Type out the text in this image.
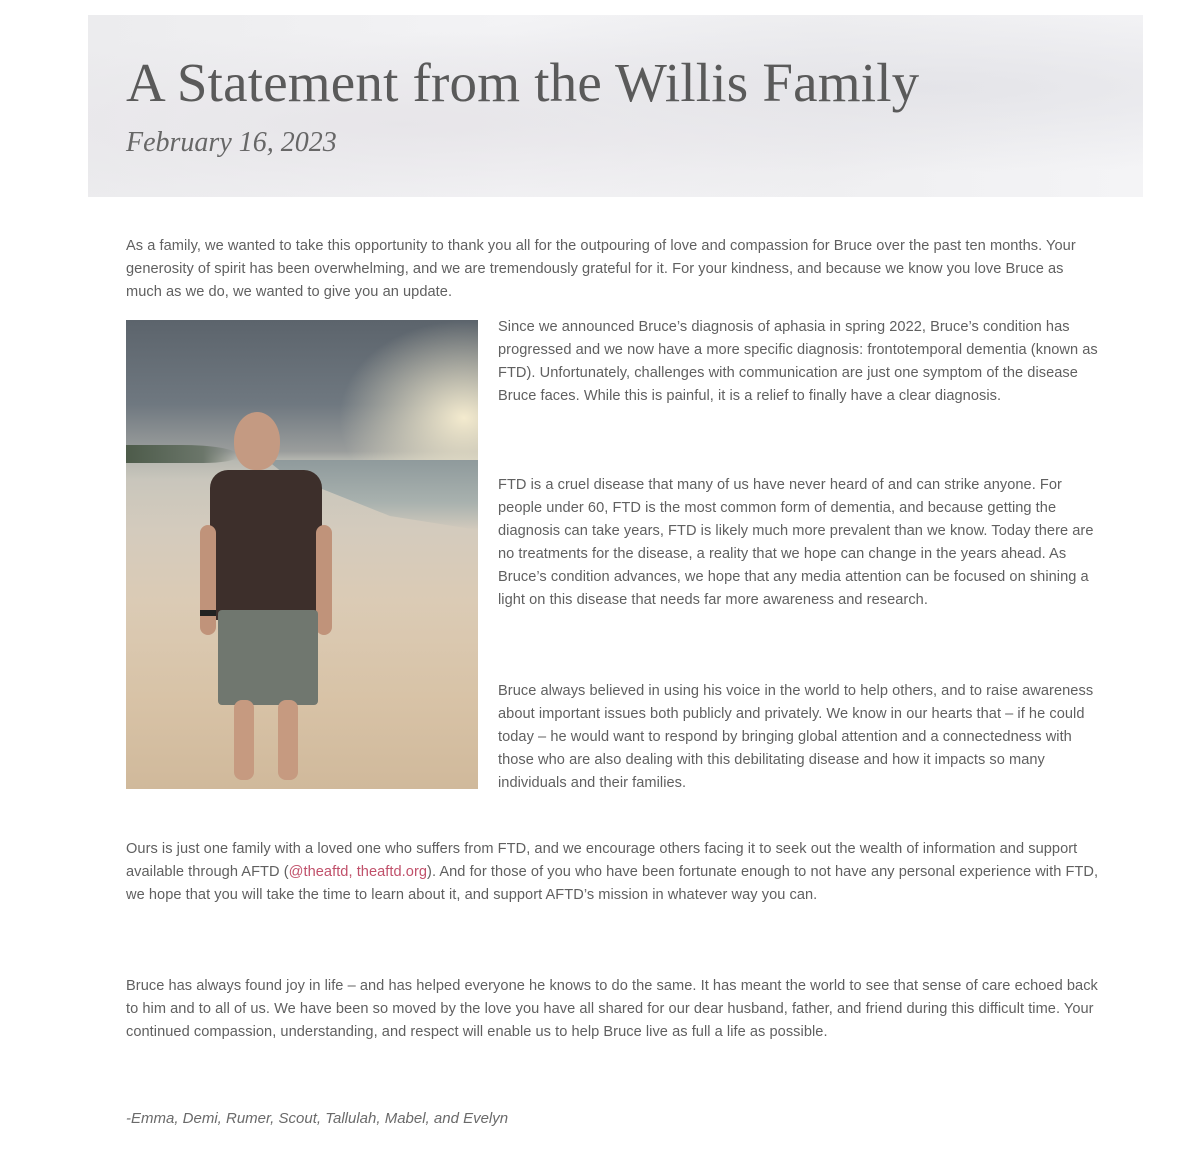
A Statement from the Willis Family
February 16, 2023

As a family, we wanted to take this opportunity to thank you all for the outpouring of love and compassion for Bruce over the past ten months. Your generosity of spirit has been overwhelming, and we are tremendously grateful for it. For your kindness, and because we know you love Bruce as much as we do, we wanted to give you an update.

Since we announced Bruce’s diagnosis of aphasia in spring 2022, Bruce’s condition has progressed and we now have a more specific diagnosis: frontotemporal dementia (known as FTD). Unfortunately, challenges with communication are just one symptom of the disease Bruce faces. While this is painful, it is a relief to finally have a clear diagnosis.

FTD is a cruel disease that many of us have never heard of and can strike anyone. For people under 60, FTD is the most common form of dementia, and because getting the diagnosis can take years, FTD is likely much more prevalent than we know. Today there are no treatments for the disease, a reality that we hope can change in the years ahead. As Bruce’s condition advances, we hope that any media attention can be focused on shining a light on this disease that needs far more awareness and research.

Bruce always believed in using his voice in the world to help others, and to raise awareness about important issues both publicly and privately. We know in our hearts that – if he could today – he would want to respond by bringing global attention and a connectedness with those who are also dealing with this debilitating disease and how it impacts so many individuals and their families.

Ours is just one family with a loved one who suffers from FTD, and we encourage others facing it to seek out the wealth of information and support available through AFTD (@theaftd, theaftd.org). And for those of you who have been fortunate enough to not have any personal experience with FTD, we hope that you will take the time to learn about it, and support AFTD’s mission in whatever way you can.

Bruce has always found joy in life – and has helped everyone he knows to do the same. It has meant the world to see that sense of care echoed back to him and to all of us. We have been so moved by the love you have all shared for our dear husband, father, and friend during this difficult time. Your continued compassion, understanding, and respect will enable us to help Bruce live as full a life as possible.

-Emma, Demi, Rumer, Scout, Tallulah, Mabel, and Evelyn
